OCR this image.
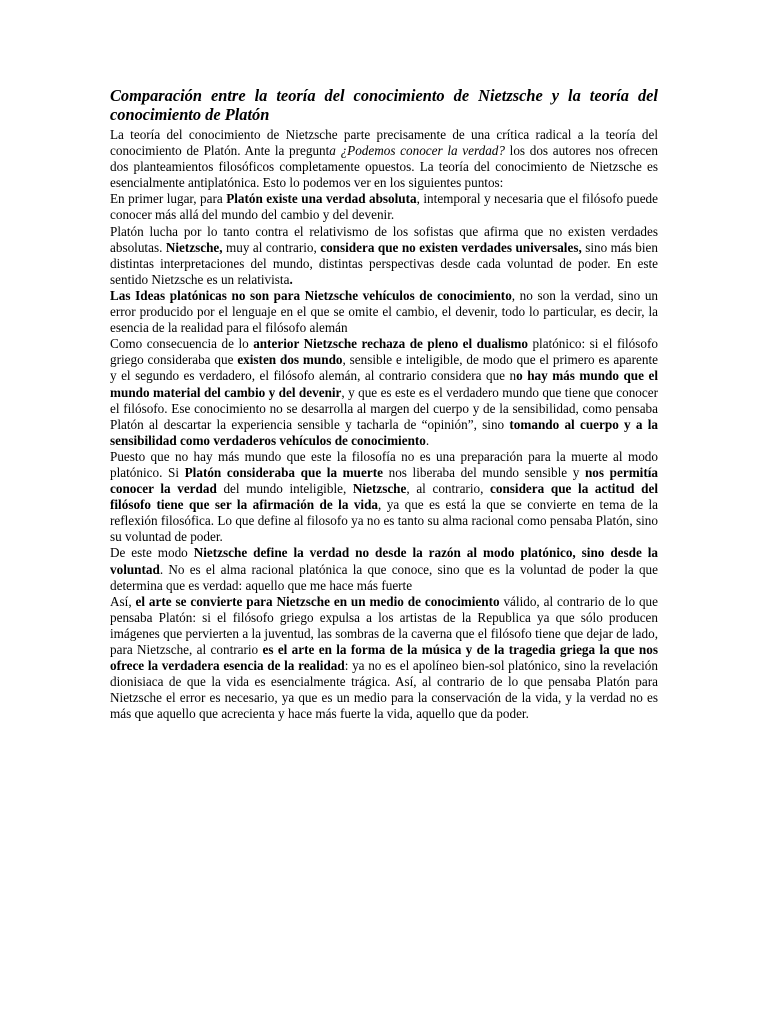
Comparación entre la teoría del conocimiento de Nietzsche y la teoría del conocimiento de Platón

La teoría del conocimiento de Nietzsche parte precisamente de una crítica radical a la teoría del conocimiento de Platón. Ante la pregunta ¿Podemos conocer la verdad? los dos autores nos ofrecen dos planteamientos filosóficos completamente opuestos. La teoría del conocimiento de Nietzsche es esencialmente antiplatónica. Esto lo podemos ver en los siguientes puntos:

En primer lugar, para Platón existe una verdad absoluta, intemporal y necesaria que el filósofo puede conocer más allá del mundo del cambio y del devenir.

Platón lucha por lo tanto contra el relativismo de los sofistas que afirma que no existen verdades absolutas. Nietzsche, muy al contrario, considera que no existen verdades universales, sino más bien distintas interpretaciones del mundo, distintas perspectivas desde cada voluntad de poder. En este sentido Nietzsche es un relativista.

Las Ideas platónicas no son para Nietzsche vehículos de conocimiento, no son la verdad, sino un error producido por el lenguaje en el que se omite el cambio, el devenir, todo lo particular, es decir, la esencia de la realidad para el filósofo alemán

Como consecuencia de lo anterior Nietzsche rechaza de pleno el dualismo platónico: si el filósofo griego consideraba que existen dos mundo, sensible e inteligible, de modo que el primero es aparente y el segundo es verdadero, el filósofo alemán, al contrario considera que no hay más mundo que el mundo material del cambio y del devenir, y que es este es el verdadero mundo que tiene que conocer el filósofo. Ese conocimiento no se desarrolla al margen del cuerpo y de la sensibilidad, como pensaba Platón al descartar la experiencia sensible y tacharla de “opinión”, sino tomando al cuerpo y a la sensibilidad como verdaderos vehículos de conocimiento.

Puesto que no hay más mundo que este la filosofía no es una preparación para la muerte al modo platónico. Si Platón consideraba que la muerte nos liberaba del mundo sensible y nos permitía conocer la verdad del mundo inteligible, Nietzsche, al contrario, considera que la actitud del filósofo tiene que ser la afirmación de la vida, ya que es está la que se convierte en tema de la reflexión filosófica. Lo que define al filosofo ya no es tanto su alma racional como pensaba Platón, sino su voluntad de poder.

De este modo Nietzsche define la verdad no desde la razón al modo platónico, sino desde la voluntad. No es el alma racional platónica la que conoce, sino que es la voluntad de poder la que determina que es verdad: aquello que me hace más fuerte

Así, el arte se convierte para Nietzsche en un medio de conocimiento válido, al contrario de lo que pensaba Platón: si el filósofo griego expulsa a los artistas de la Republica ya que sólo producen imágenes que pervierten a la juventud, las sombras de la caverna que el filósofo tiene que dejar de lado, para Nietzsche, al contrario es el arte en la forma de la música y de la tragedia griega la que nos ofrece la verdadera esencia de la realidad: ya no es el apolíneo bien-sol platónico, sino la revelación dionisiaca de que la vida es esencialmente trágica. Así, al contrario de lo que pensaba Platón para Nietzsche el error es necesario, ya que es un medio para la conservación de la vida, y la verdad no es más que aquello que acrecienta y hace más fuerte la vida, aquello que da poder.
